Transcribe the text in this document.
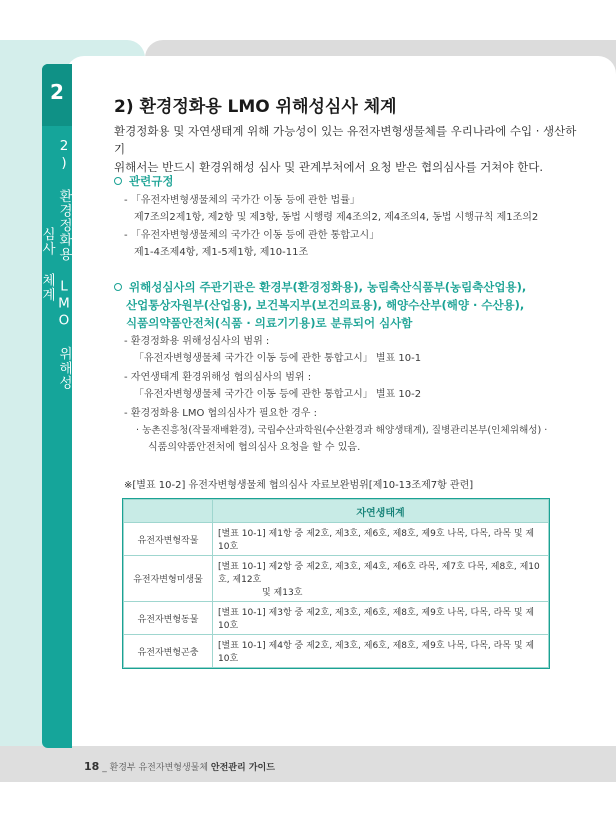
2
2) 환경정화용 LMO 위해성심사 체계
2) 환경정화용 LMO 위해성심사 체계

환경정화용 및 자연생태계 위해 가능성이 있는 유전자변형생물체를 우리나라에 수입 · 생산하기

위해서는 반드시 환경위해성 심사 및 관계부처에서 요청 받은 협의심사를 거쳐야 한다.

관련규정
- 「유전자변형생물체의 국가간 이동 등에 관한 법률」
제7조의2제1항, 제2항 및 제3항, 동법 시행령 제4조의2, 제4조의4, 동법 시행규칙 제1조의2
- 「유전자변형생물체의 국가간 이동 등에 관한 통합고시」
제1-4조제4항, 제1-5제1항, 제10-11조
위해성심사의 주관기관은 환경부(환경정화용), 농림축산식품부(농림축산업용),
산업통상자원부(산업용), 보건복지부(보건의료용), 해양수산부(해양 · 수산용),
식품의약품안전처(식품 · 의료기기용)로 분류되어 심사함
- 환경정화용 위해성심사의 범위 :
「유전자변형생물체 국가간 이동 등에 관한 통합고시」 별표 10-1
- 자연생태계 환경위해성 협의심사의 범위 :
「유전자변형생물체 국가간 이동 등에 관한 통합고시」 별표 10-2
- 환경정화용 LMO 협의심사가 필요한 경우 :
· 농촌진흥청(작물재배환경), 국립수산과학원(수산환경과 해양생태계), 질병관리본부(인체위해성) ·
식품의약품안전처에 협의심사 요청을 할 수 있음.
※[별표 10-2] 유전자변형생물체 협의심사 자료보완범위[제10-13조제7항 관련]
	자연생태계
유전자변형작물	[별표 10-1] 제1항 중 제2호, 제3호, 제6호, 제8호, 제9호 나목, 다목, 라목 및 제10호
유전자변형미생물	[별표 10-1] 제2항 중 제2호, 제3호, 제4호, 제6호 라목, 제7호 다목, 제8호, 제10호, 제12호
및 제13호

유전자변형동물	[별표 10-1] 제3항 중 제2호, 제3호, 제6호, 제8호, 제9호 나목, 다목, 라목 및 제10호
유전자변형곤충	[별표 10-1] 제4항 중 제2호, 제3호, 제6호, 제8호, 제9호 나목, 다목, 라목 및 제10호
18 _ 환경부 유전자변형생물체 안전관리 가이드
